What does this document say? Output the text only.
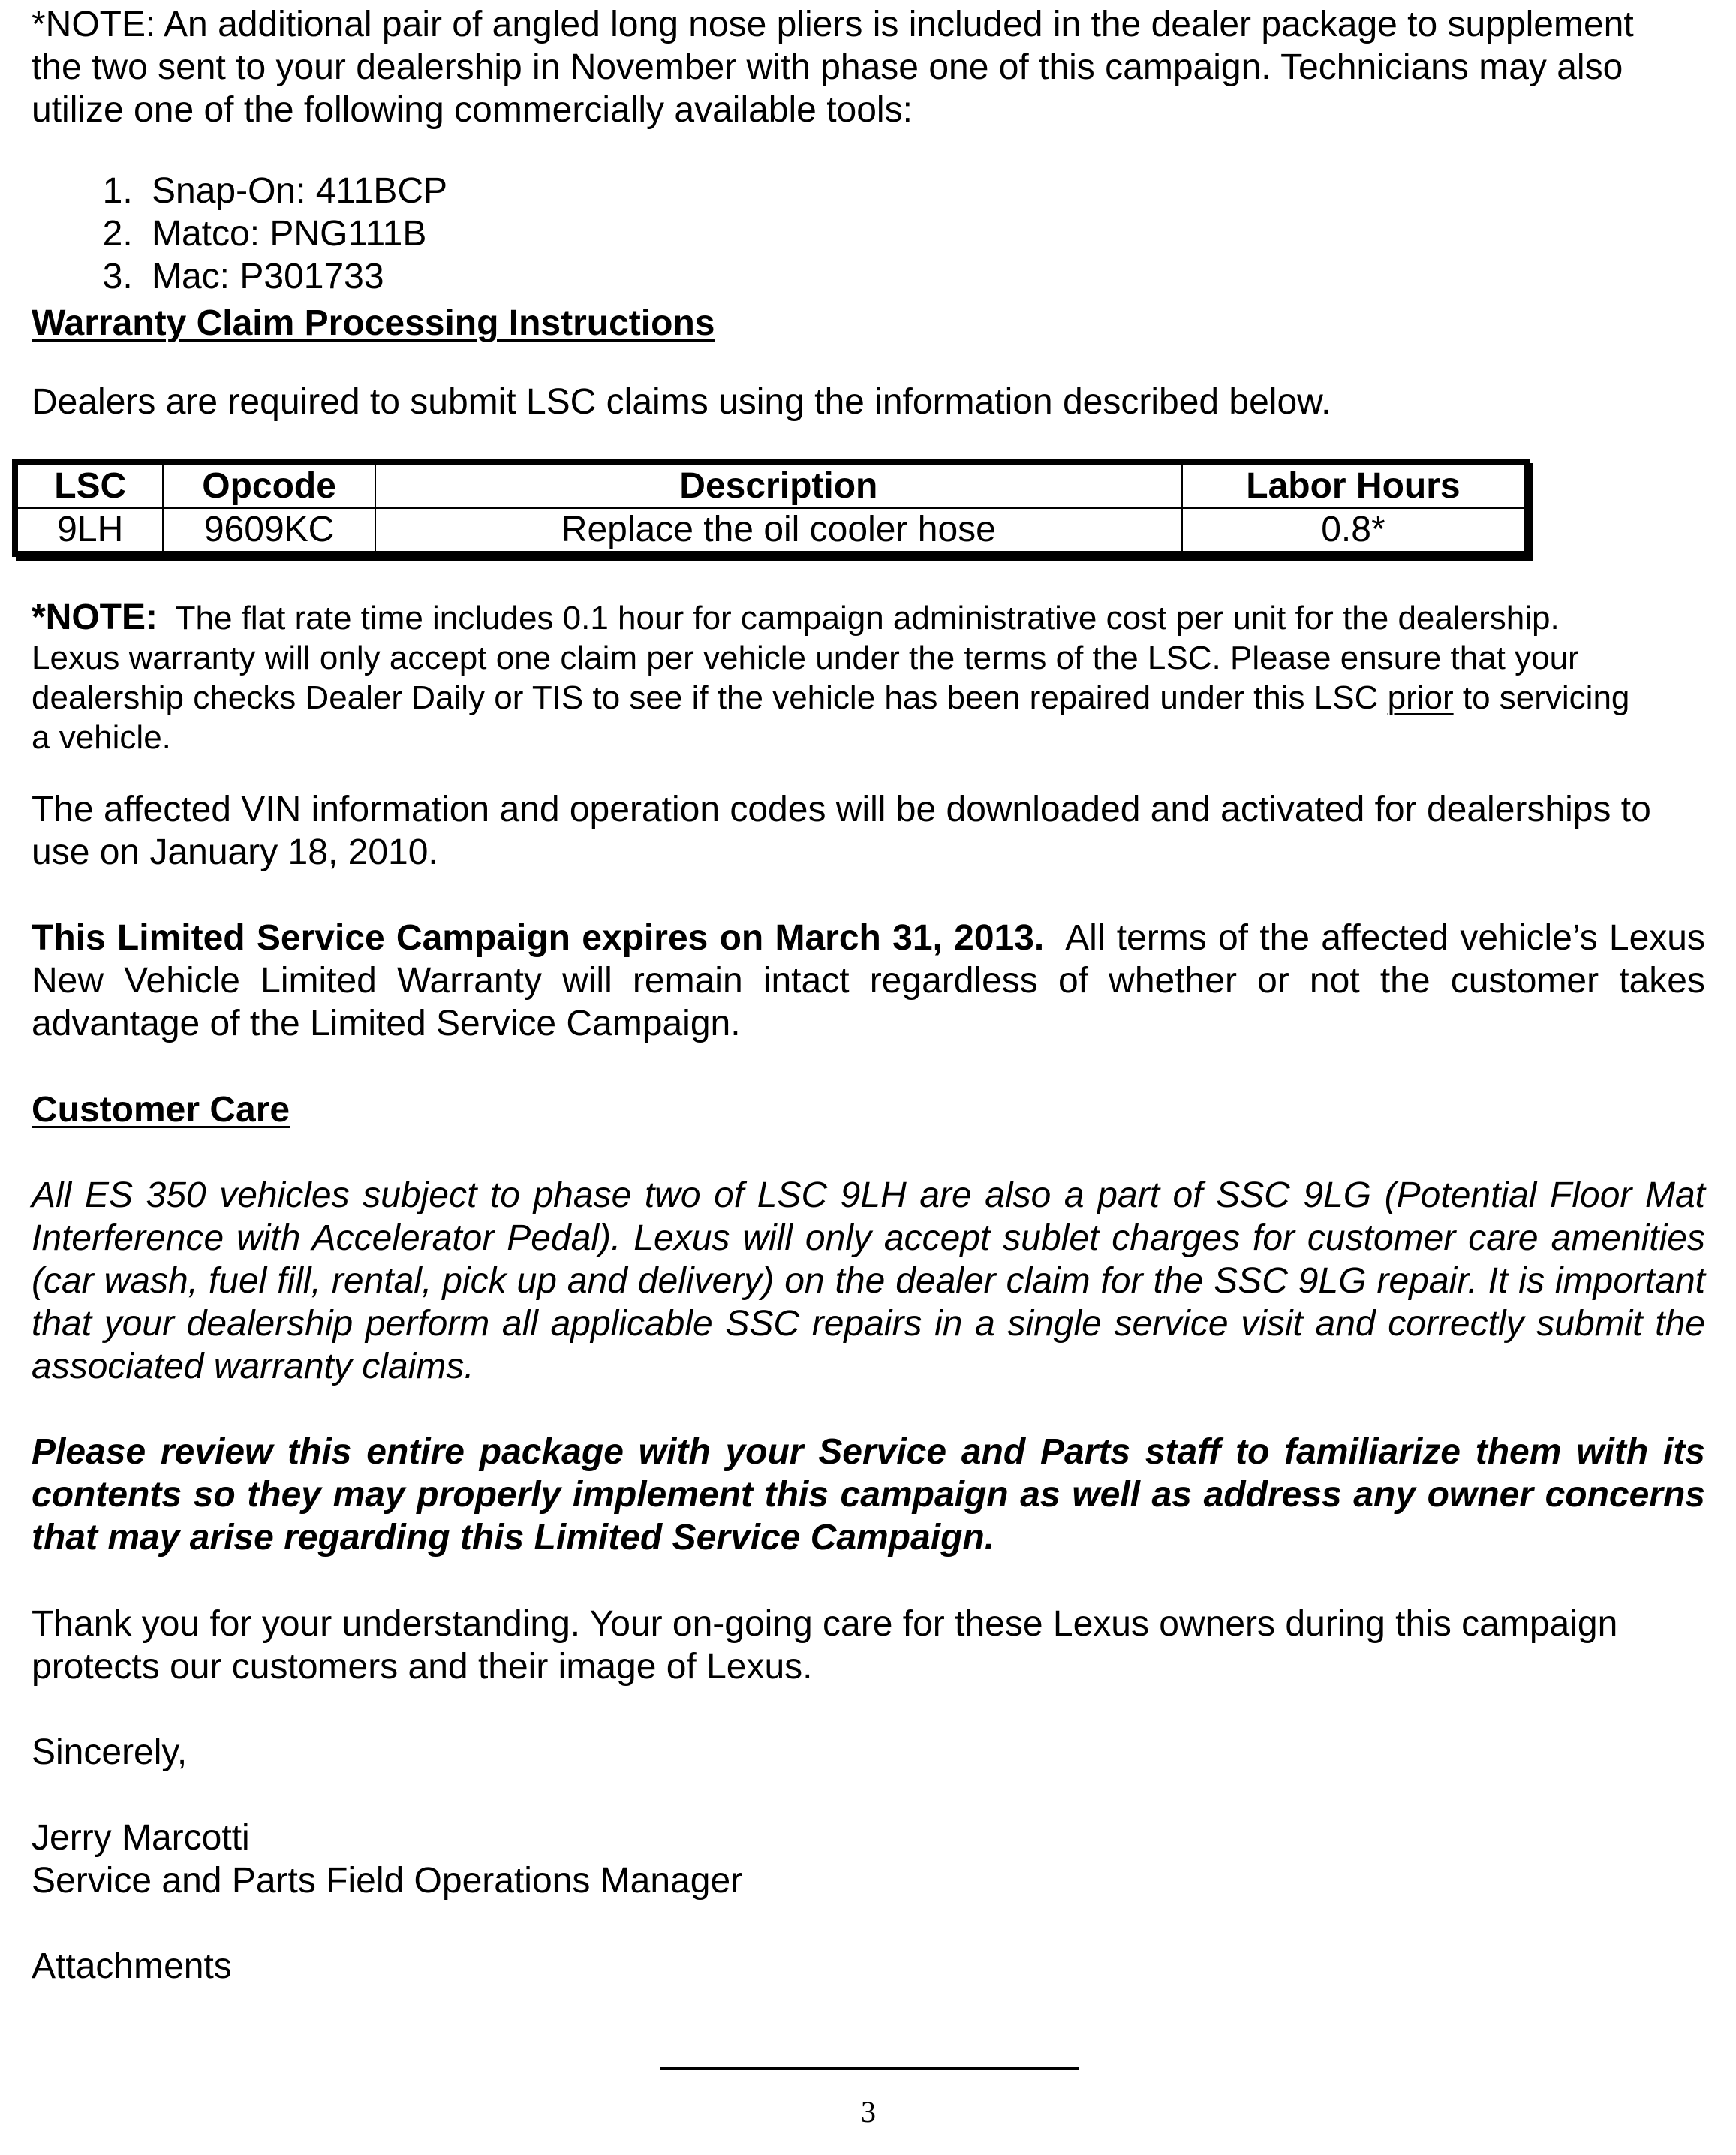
*NOTE: An additional pair of angled long nose pliers is included in the dealer package to supplement
the two sent to your dealership in November with phase one of this campaign. Technicians may also
utilize one of the following commercially available tools:

1. Snap-On: 411BCP
2. Matco: PNG111B
3. Mac: P301733

Warranty Claim Processing Instructions

Dealers are required to submit LSC claims using the information described below.

LSC	Opcode	Description	Labor Hours
9LH	9609KC	Replace the oil cooler hose	0.8*

*NOTE: The flat rate time includes 0.1 hour for campaign administrative cost per unit for the dealership.
Lexus warranty will only accept one claim per vehicle under the terms of the LSC. Please ensure that your
dealership checks Dealer Daily or TIS to see if the vehicle has been repaired under this LSC prior to servicing
a vehicle.

The affected VIN information and operation codes will be downloaded and activated for dealerships to
use on January 18, 2010.

This Limited Service Campaign expires on March 31, 2013. All terms of the affected vehicle’s Lexus New Vehicle Limited Warranty will remain intact regardless of whether or not the customer takes advantage of the Limited Service Campaign.

Customer Care

All ES 350 vehicles subject to phase two of LSC 9LH are also a part of SSC 9LG (Potential Floor Mat Interference with Accelerator Pedal). Lexus will only accept sublet charges for customer care amenities (car wash, fuel fill, rental, pick up and delivery) on the dealer claim for the SSC 9LG repair. It is important that your dealership perform all applicable SSC repairs in a single service visit and correctly submit the associated warranty claims.

Please review this entire package with your Service and Parts staff to familiarize them with its contents so they may properly implement this campaign as well as address any owner concerns that may arise regarding this Limited Service Campaign.

Thank you for your understanding. Your on-going care for these Lexus owners during this campaign
protects our customers and their image of Lexus.

Sincerely,

Jerry Marcotti
Service and Parts Field Operations Manager

Attachments

3
